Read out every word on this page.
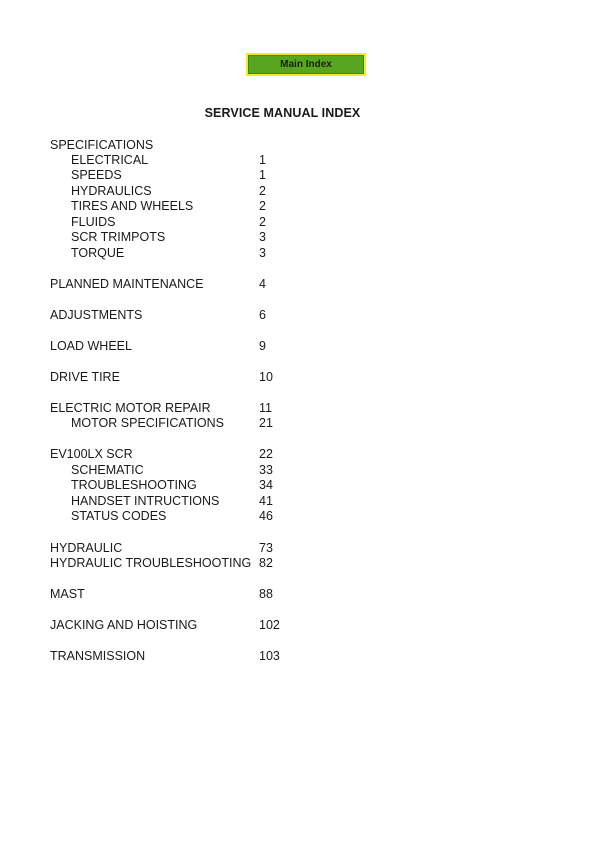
Main Index
SERVICE MANUAL INDEX
SPECIFICATIONS
ELECTRICAL	1
SPEEDS	1
HYDRAULICS	2
TIRES AND WHEELS	2
FLUIDS	2
SCR TRIMPOTS	3
TORQUE	3
PLANNED MAINTENANCE	4
ADJUSTMENTS	6
LOAD WHEEL	9
DRIVE TIRE	10
ELECTRIC MOTOR REPAIR	11
MOTOR SPECIFICATIONS	21
EV100LX SCR	22
SCHEMATIC	33
TROUBLESHOOTING	34
HANDSET INTRUCTIONS	41
STATUS CODES	46
HYDRAULIC	73
HYDRAULIC TROUBLESHOOTING 82
MAST	88
JACKING AND HOISTING	102
TRANSMISSION	103
